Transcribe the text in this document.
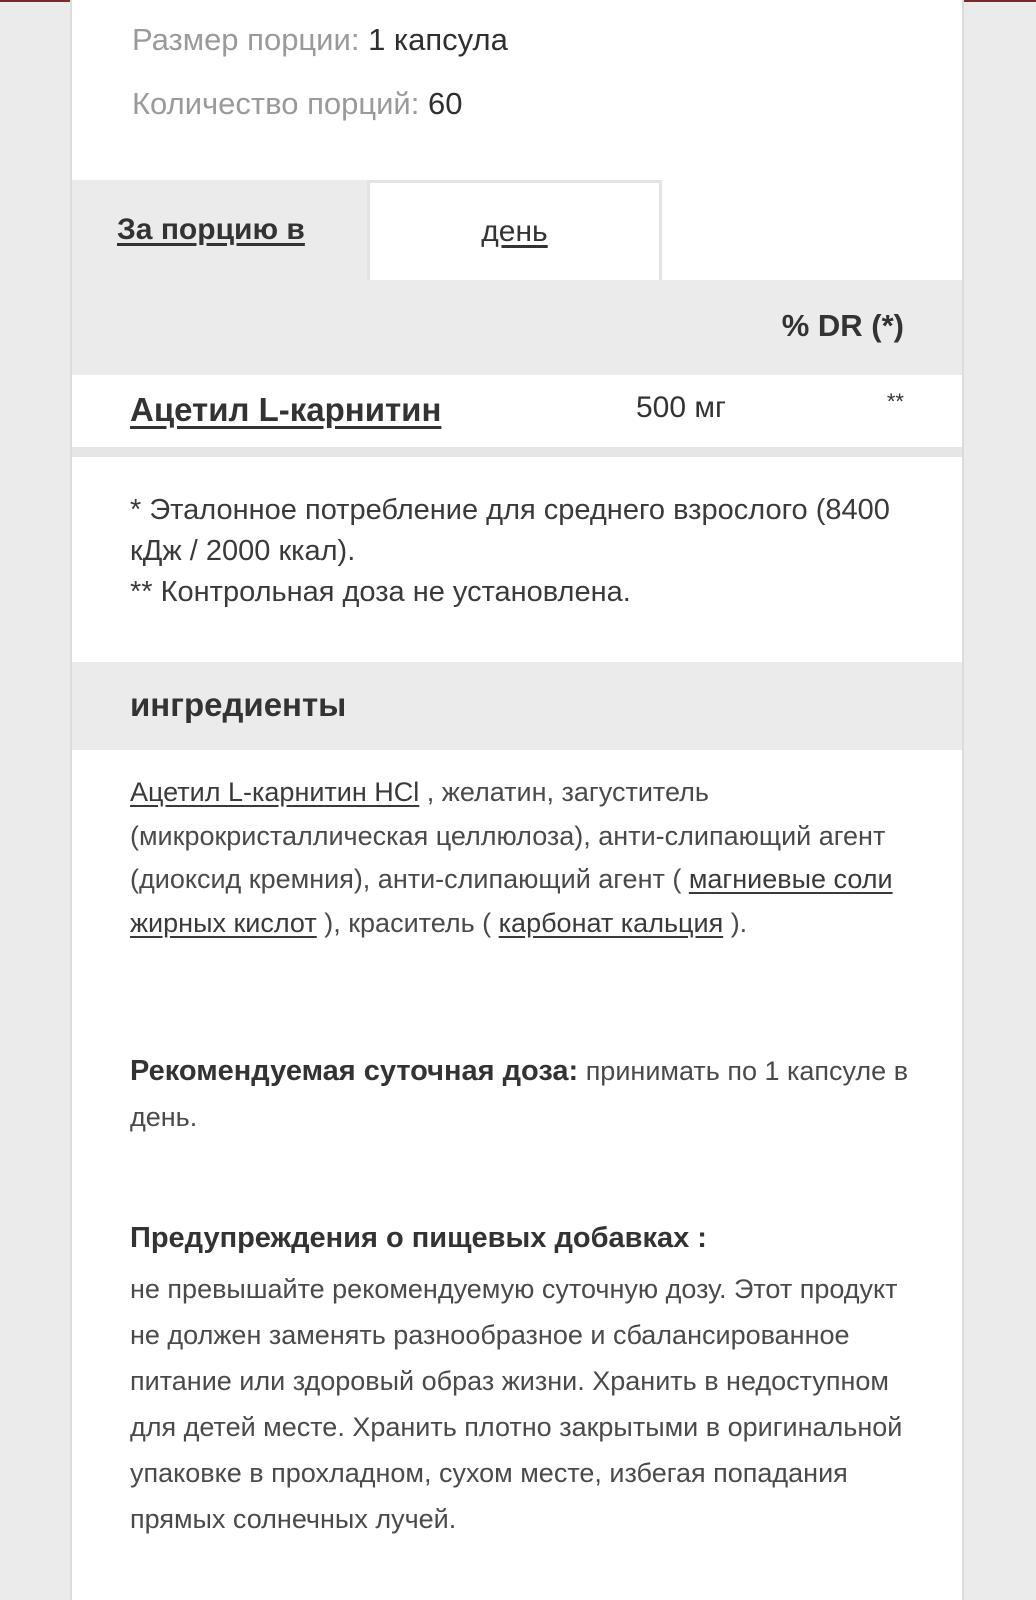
Размер порции: 1 капсула
Количество порций: 60
За порцию в	день
% DR (*)
Ацетил L-карнитин	500 мг	**
* Эталонное потребление для среднего взрослого (8400 кДж / 2000 ккал).
** Контрольная доза не установлена.
ингредиенты
Ацетил L-карнитин HCl , желатин, загуститель (микрокристаллическая целлюлоза), анти-слипающий агент (диоксид кремния), анти-слипающий агент ( магниевые соли жирных кислот ), краситель ( карбонат кальция ).
Рекомендуемая суточная доза: принимать по 1 капсуле в день.
Предупреждения о пищевых добавках :
не превышайте рекомендуемую суточную дозу. Этот продукт не должен заменять разнообразное и сбалансированное питание или здоровый образ жизни. Хранить в недоступном для детей месте. Хранить плотно закрытыми в оригинальной упаковке в прохладном, сухом месте, избегая попадания прямых солнечных лучей.
